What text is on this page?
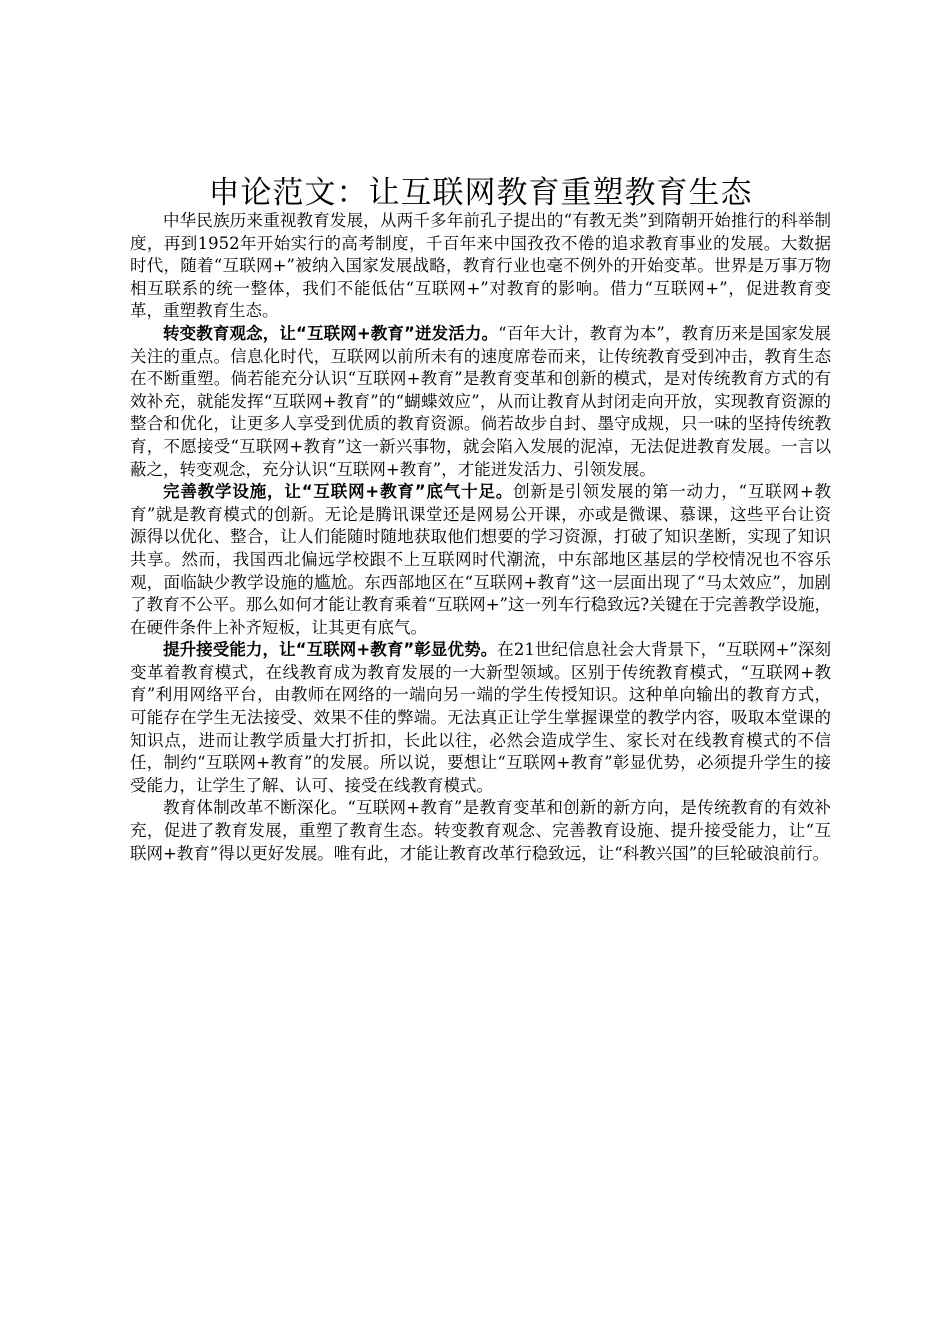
申论范文：让互联网教育重塑教育生态

中华民族历来重视教育发展，从两千多年前孔子提出的“有教无类”到隋朝开始推行的科举制度，再到1952年开始实行的高考制度，千百年来中国孜孜不倦的追求教育事业的发展。大数据时代，随着“互联网+”被纳入国家发展战略，教育行业也毫不例外的开始变革。世界是万事万物相互联系的统一整体，我们不能低估“互联网+”对教育的影响。借力“互联网+”，促进教育变革，重塑教育生态。

转变教育观念，让“互联网+教育”迸发活力。“百年大计，教育为本”，教育历来是国家发展关注的重点。信息化时代，互联网以前所未有的速度席卷而来，让传统教育受到冲击，教育生态在不断重塑。倘若能充分认识“互联网+教育”是教育变革和创新的模式，是对传统教育方式的有效补充，就能发挥“互联网+教育”的“蝴蝶效应”，从而让教育从封闭走向开放，实现教育资源的整合和优化，让更多人享受到优质的教育资源。倘若故步自封、墨守成规，只一味的坚持传统教育，不愿接受“互联网+教育”这一新兴事物，就会陷入发展的泥淖，无法促进教育发展。一言以蔽之，转变观念，充分认识“互联网+教育”，才能迸发活力、引领发展。

完善教学设施，让“互联网+教育”底气十足。创新是引领发展的第一动力，“互联网+教育”就是教育模式的创新。无论是腾讯课堂还是网易公开课，亦或是微课、慕课，这些平台让资源得以优化、整合，让人们能随时随地获取他们想要的学习资源，打破了知识垄断，实现了知识共享。然而，我国西北偏远学校跟不上互联网时代潮流，中东部地区基层的学校情况也不容乐观，面临缺少教学设施的尴尬。东西部地区在“互联网+教育”这一层面出现了“马太效应”，加剧了教育不公平。那么如何才能让教育乘着“互联网+”这一列车行稳致远?关键在于完善教学设施，在硬件条件上补齐短板，让其更有底气。

提升接受能力，让“互联网+教育”彰显优势。在21世纪信息社会大背景下，“互联网+”深刻变革着教育模式，在线教育成为教育发展的一大新型领域。区别于传统教育模式，“互联网+教育”利用网络平台，由教师在网络的一端向另一端的学生传授知识。这种单向输出的教育方式，可能存在学生无法接受、效果不佳的弊端。无法真正让学生掌握课堂的教学内容，吸取本堂课的知识点，进而让教学质量大打折扣，长此以往，必然会造成学生、家长对在线教育模式的不信任，制约“互联网+教育”的发展。所以说，要想让“互联网+教育”彰显优势，必须提升学生的接受能力，让学生了解、认可、接受在线教育模式。

教育体制改革不断深化。“互联网+教育”是教育变革和创新的新方向，是传统教育的有效补充，促进了教育发展，重塑了教育生态。转变教育观念、完善教育设施、提升接受能力，让“互联网+教育”得以更好发展。唯有此，才能让教育改革行稳致远，让“科教兴国”的巨轮破浪前行。
